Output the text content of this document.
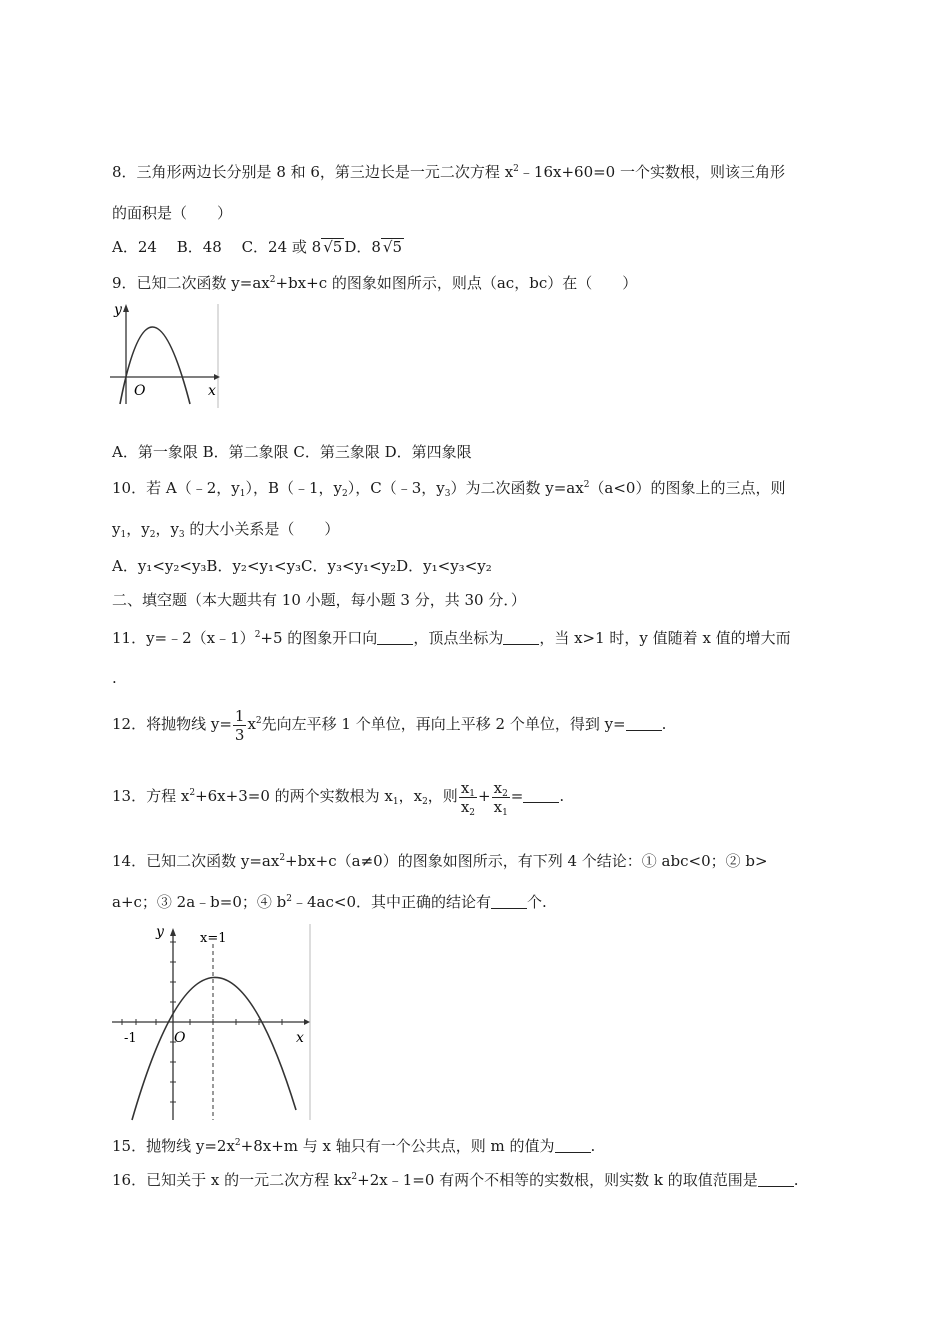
8．三角形两边长分别是 8 和 6，第三边长是一元二次方程 $x^2﹣16x+60=0$ 一个实数根，则该三角形
的面积是（　　）
A．24　 B．48　 C．24 或 8 √5 D．8 √5
9．已知二次函数 $y=ax^2+bx+c$ 的图象如图所示，则点（ac，bc）在（　　）
y
O	x
A．第一象限 B．第二象限 C．第三象限 D．第四象限
10．若 A（﹣2，$y_1$），B（﹣1，$y_2$），C（﹣3，$y_3$）为二次函数 $y=ax^2(a<0)$的图象上的三点，则
$y_1$，$y_2$，$y_3$ 的大小关系是（　　）
A．y₁<y₂<y₃B．y₂<y₁<y₃C．y₃<y₁<y₂D．y₁<y₃<y₂
二、填空题（本大题共有 10 小题，每小题 3 分，共 30 分．）
11．y=﹣2（x﹣1）$^2$+5 的图象开口向 ，顶点坐标为 ，当 x>1 时，y 值随着 x 值的增大而
.
12．将抛物线 $y= \frac{1}{3} x^2$先向左平移 1 个单位，再向上平移 2 个单位，得到 y= .
13．方程 $x^2+6x+3=0$ 的两个实数根为 $x_1$，$x_2$，则 $\frac{x_1}{x_2} + \frac{x_2}{x_1}$ = .
14．已知二次函数 $y=ax^2+bx+c(a\ne 0)$的图象如图所示，有下列 4 个结论：① abc<0；② b>
a+c；③ 2a﹣b=0；④ $b^2﹣4ac<0$．其中正确的结论有 个.
y	x=1
-1	O	x
15．抛物线 $y=2x^2+8x+m$ 与 x 轴只有一个公共点，则 m 的值为 .
16．已知关于 x 的一元二次方程 $kx^2+2x﹣1=0$ 有两个不相等的实数根，则实数 k 的取值范围是 .
